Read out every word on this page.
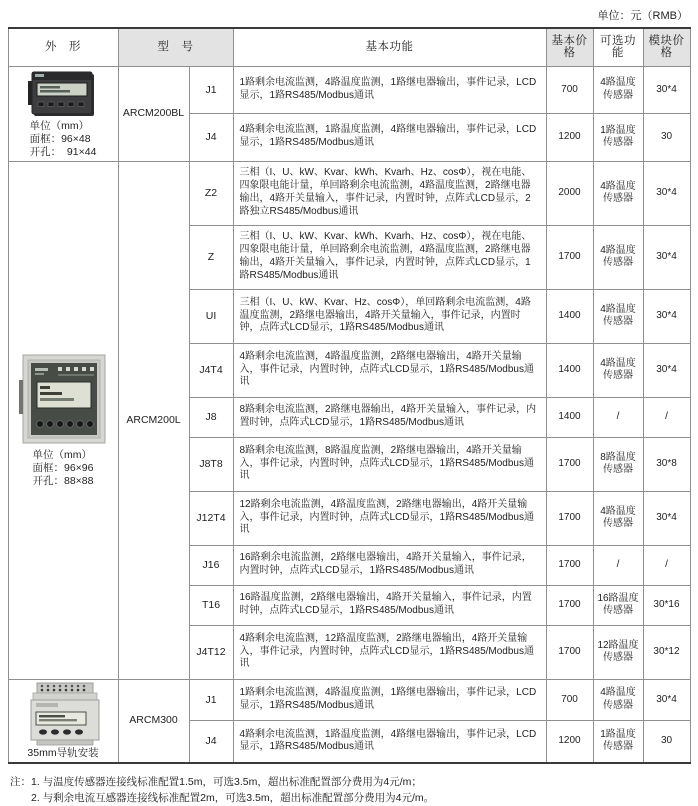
单位：元（RMB）
外　形	型　号		基本功能	基本价格	可选功能	模块价格

单位（mm）
面框：96×48
开孔：  91×44	ARCM200BL	J1	1路剩余电流监测，4路温度监测，1路继电器输出，事件记录，LCD显示，1路RS485/Modbus通讯	700	4路温度传感器	30*4
		J4	4路剩余电流监测，1路温度监测，4路继电器输出，事件记录，LCD显示，1路RS485/Modbus通讯	1200	1路温度传感器	30

单位（mm）
面框：96×96
开孔：88×88	ARCM200L	Z2	三相（I、U、kW、Kvar、kWh、Kvarh、Hz、cosΦ），视在电能、四象限电能计量，单回路剩余电流监测，4路温度监测，2路继电器输出，4路开关量输入，事件记录，内置时钟，点阵式LCD显示，2路独立RS485/Modbus通讯	2000	4路温度传感器	30*4
		Z	三相（I、U、kW、Kvar、kWh、Kvarh、Hz、cosΦ），视在电能、四象限电能计量，单回路剩余电流监测，4路温度监测，2路继电器输出，4路开关量输入，事件记录，内置时钟，点阵式LCD显示，1路RS485/Modbus通讯	1700	4路温度传感器	30*4
		UI	三相（I、U、kW、Kvar、Hz、cosΦ），单回路剩余电流监测，4路温度监测，2路继电器输出，4路开关量输入，事件记录，内置时钟，点阵式LCD显示，1路RS485/Modbus通讯	1400	4路温度传感器	30*4
		J4T4	4路剩余电流监测，4路温度监测，2路继电器输出，4路开关量输入，事件记录，内置时钟，点阵式LCD显示，1路RS485/Modbus通讯	1400	4路温度传感器	30*4
		J8	8路剩余电流监测，2路继电器输出，4路开关量输入，事件记录，内置时钟，点阵式LCD显示，1路RS485/Modbus通讯	1400	/	/
		J8T8	8路剩余电流监测，8路温度监测，2路继电器输出，4路开关量输入，事件记录，内置时钟，点阵式LCD显示，1路RS485/Modbus通讯	1700	8路温度传感器	30*8
		J12T4	12路剩余电流监测，4路温度监测，2路继电器输出，4路开关量输入，事件记录，内置时钟，点阵式LCD显示，1路RS485/Modbus通讯	1700	4路温度传感器	30*4
		J16	16路剩余电流监测，2路继电器输出，4路开关量输入，事件记录，内置时钟，点阵式LCD显示，1路RS485/Modbus通讯	1700	/	/
		T16	16路温度监测，2路继电器输出，4路开关量输入，事件记录，内置时钟，点阵式LCD显示，1路RS485/Modbus通讯	1700	16路温度传感器	30*16
		J4T12	4路剩余电流监测，12路温度监测，2路继电器输出，4路开关量输入，事件记录，内置时钟，点阵式LCD显示，1路RS485/Modbus通讯	1700	12路温度传感器	30*12

35mm导轨安装	ARCM300	J1	1路剩余电流监测，4路温度监测，1路继电器输出，事件记录，LCD显示，1路RS485/Modbus通讯	700	4路温度传感器	30*4
		J4	4路剩余电流监测，1路温度监测，4路继电器输出，事件记录，LCD显示，1路RS485/Modbus通讯	1200	1路温度传感器	30
注： 1. 与温度传感器连接线标准配置1.5m，可选3.5m，超出标准配置部分费用为4元/m；
2. 与剩余电流互感器连接线标准配置2m，可选3.5m，超出标准配置部分费用为4元/m。
